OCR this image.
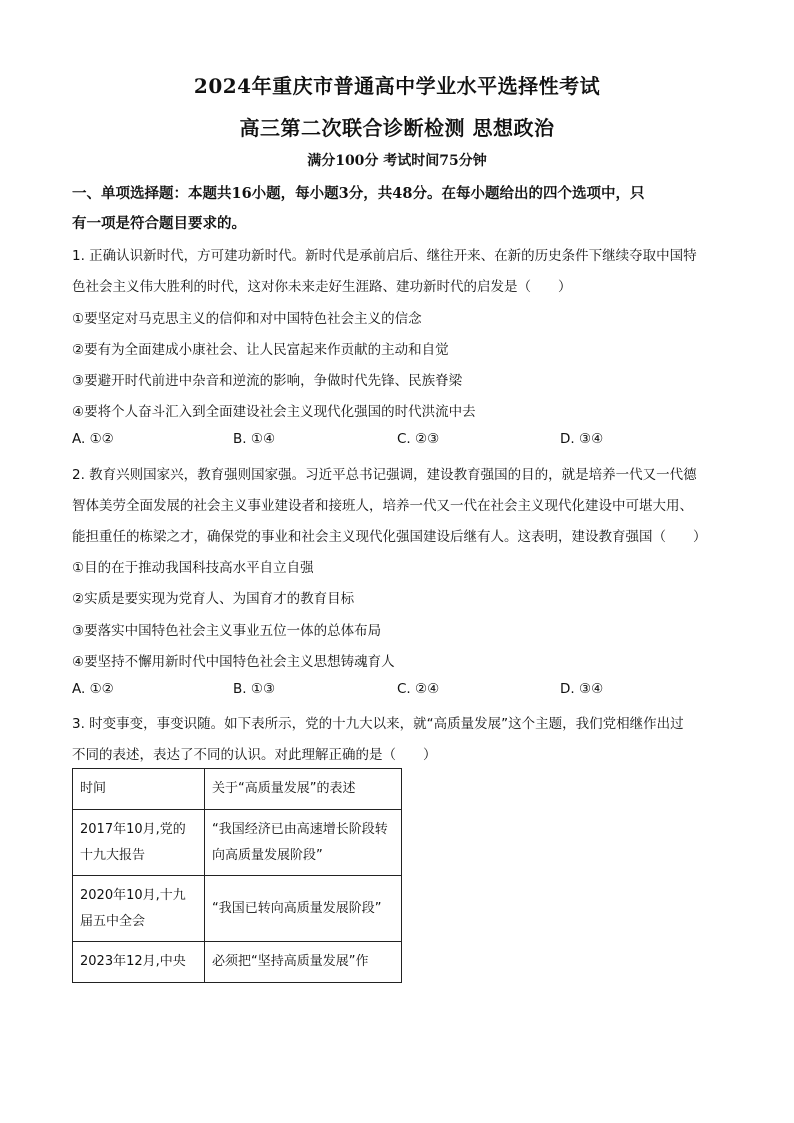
2024年重庆市普通高中学业水平选择性考试
高三第二次联合诊断检测 思想政治
满分100分 考试时间75分钟
一、单项选择题：本题共16小题，每小题3分，共48分。在每小题给出的四个选项中，只
有一项是符合题目要求的。
1. 正确认识新时代，方可建功新时代。新时代是承前启后、继往开来、在新的历史条件下继续夺取中国特
色社会主义伟大胜利的时代，这对你未来走好生涯路、建功新时代的启发是（　　）
①要坚定对马克思主义的信仰和对中国特色社会主义的信念
②要有为全面建成小康社会、让人民富起来作贡献的主动和自觉
③要避开时代前进中杂音和逆流的影响，争做时代先锋、民族脊梁
④要将个人奋斗汇入到全面建设社会主义现代化强国的时代洪流中去
A. ①②	B. ①④	C. ②③	D. ③④
2. 教育兴则国家兴，教育强则国家强。习近平总书记强调，建设教育强国的目的，就是培养一代又一代德
智体美劳全面发展的社会主义事业建设者和接班人，培养一代又一代在社会主义现代化建设中可堪大用、
能担重任的栋梁之才，确保党的事业和社会主义现代化强国建设后继有人。这表明，建设教育强国（　　）
①目的在于推动我国科技高水平自立自强
②实质是要实现为党育人、为国育才的教育目标
③要落实中国特色社会主义事业五位一体的总体布局
④要坚持不懈用新时代中国特色社会主义思想铸魂育人
A. ①②	B. ①③	C. ②④	D. ③④
3. 时变事变，事变识随。如下表所示，党的十九大以来，就“高质量发展”这个主题，我们党相继作出过
不同的表述，表达了不同的认识。对此理解正确的是（　　）
时间	关于“高质量发展”的表述
2017年10月,党的十九大报告	“我国经济已由高速增长阶段转向高质量发展阶段”
2020年10月,十九届五中全会	“我国已转向高质量发展阶段”
2023年12月,中央	必须把“坚持高质量发展”作
